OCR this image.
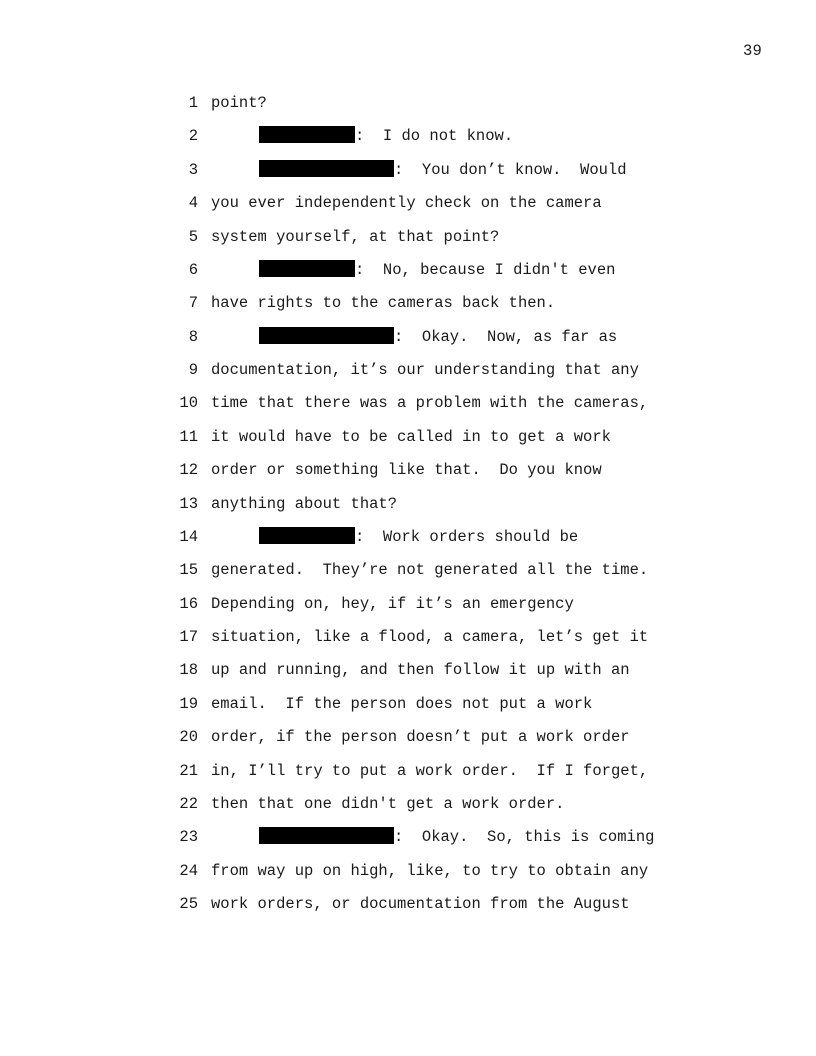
39
1 point?
2	:  I do not know.
3	:  You don’t know.  Would
4 you ever independently check on the camera
5 system yourself, at that point?
6	:  No, because I didn't even
7 have rights to the cameras back then.
8	:  Okay.  Now, as far as
9 documentation, it’s our understanding that any
10 time that there was a problem with the cameras,
11 it would have to be called in to get a work
12 order or something like that.  Do you know
13 anything about that?
14	:  Work orders should be
15 generated.  They’re not generated all the time.
16 Depending on, hey, if it’s an emergency
17 situation, like a flood, a camera, let’s get it
18 up and running, and then follow it up with an
19 email.  If the person does not put a work
20 order, if the person doesn’t put a work order
21 in, I’ll try to put a work order.  If I forget,
22 then that one didn't get a work order.
23	:  Okay.  So, this is coming
24 from way up on high, like, to try to obtain any
25 work orders, or documentation from the August
